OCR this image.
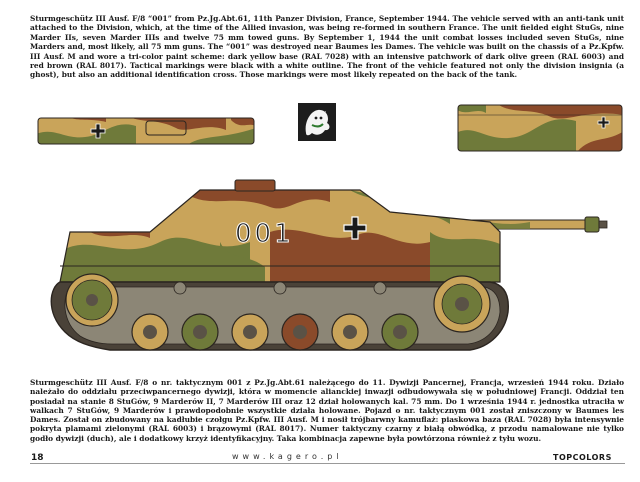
Sturmgeschütz III Ausf. F/8 “001” from Pz.Jg.Abt.61, 11th Panzer Division, France, September 1944. The vehicle served with an anti-tank unit attached to the Division, which, at the time of the Allied invasion, was being re-formed in southern France. The unit fielded eight StuGs, nine Marder IIs, seven Marder IIIs and twelve 75 mm towed guns. By September 1, 1944 the unit combat losses included seven StuGs, nine Marders and, most likely, all 75 mm guns. The “001” was destroyed near Baumes les Dames. The vehicle was built on the chassis of a Pz.Kpfw. III Ausf. M and wore a tri-color paint scheme: dark yellow base (RAL 7028) with an intensive patchwork of dark olive green (RAL 6003) and red brown (RAL 8017). Tactical markings were black with a white outline. The front of the vehicle featured not only the division insignia (a ghost), but also an additional identification cross. Those markings were most likely repeated on the back of the tank.

001

Sturmgeschütz III Ausf. F/8 o nr. taktycznym 001 z Pz.Jg.Abt.61 należącego do 11. Dywizji Pancernej, Francja, wrzesień 1944 roku. Działo należało do oddziału przeciwpancernego dywizji, która w momencie alianckiej inwazji odbudowywała się w południowej Francji. Oddział ten posiadał na stanie 8 StuGów, 9 Marderów II, 7 Marderów III oraz 12 dział holowanych kal. 75 mm. Do 1 września 1944 r. jednostka utraciła w walkach 7 StuGów, 9 Marderów i prawdopodobnie wszystkie działa holowane. Pojazd o nr. taktycznym 001 został zniszczony w Baumes les Dames. Został on zbudowany na kadłubie czołgu Pz.Kpfw. III Ausf. M i nosił trójbarwny kamuflaż: piaskowa baza (RAL 7028) była intensywnie pokryta plamami zielonymi (RAL 6003) i brązowymi (RAL 8017). Numer taktyczny czarny z białą obwódką, z przodu namalowane nie tylko godło dywizji (duch), ale i dodatkowy krzyż identyfikacyjny. Taka kombinacja zapewne była powtórzona również z tyłu wozu.

18	www.kagero.pl	TOPCOLORS
